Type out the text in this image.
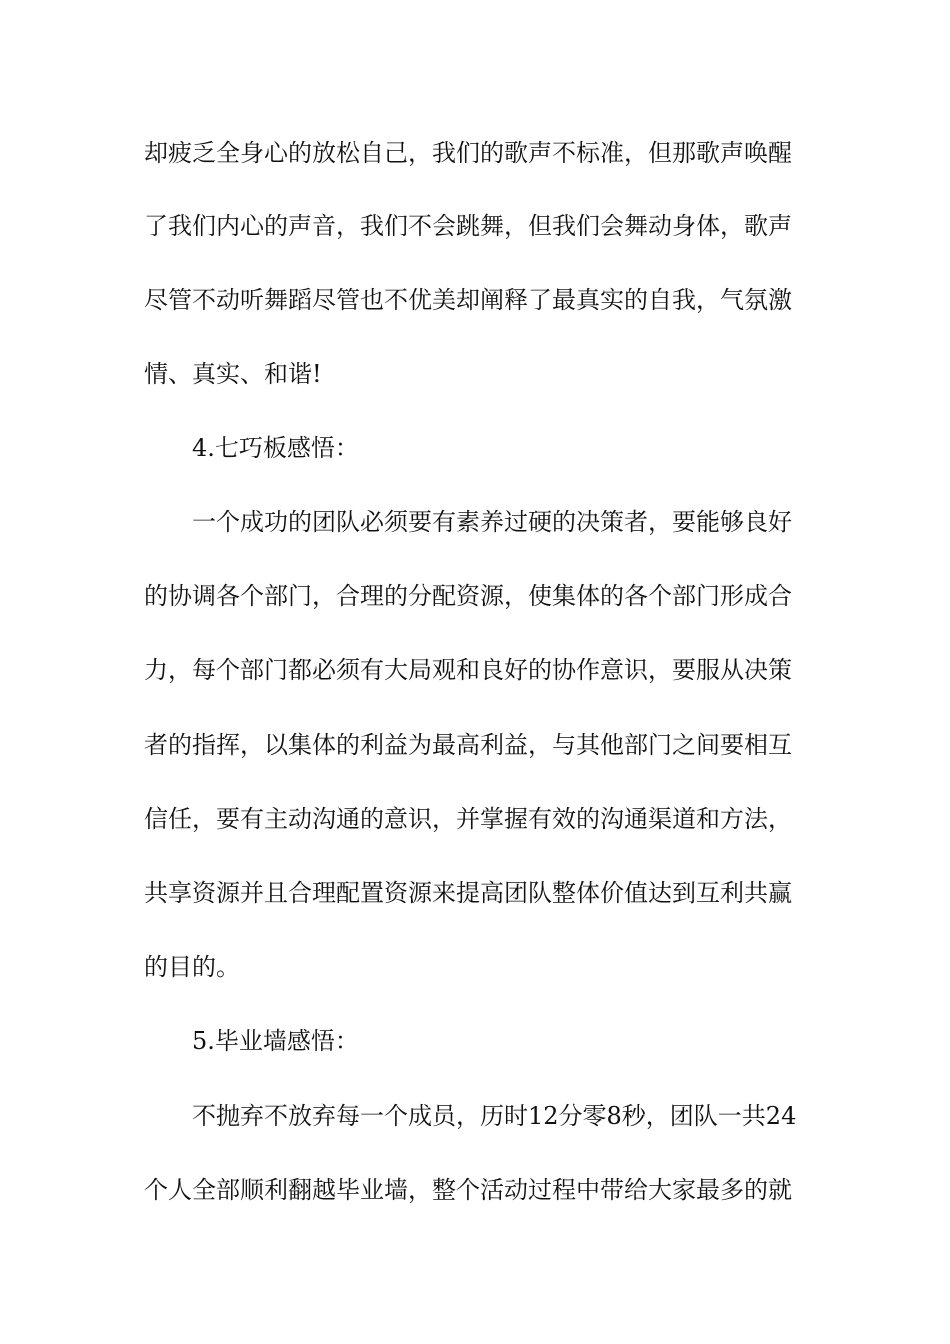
却疲乏全身心的放松自己，我们的歌声不标准，但那歌声唤醒

了我们内心的声音，我们不会跳舞，但我们会舞动身体，歌声

尽管不动听舞蹈尽管也不优美却阐释了最真实的自我，气氛激

情、真实、和谐!

4.七巧板感悟：

一个成功的团队必须要有素养过硬的决策者，要能够良好

的协调各个部门，合理的分配资源，使集体的各个部门形成合

力，每个部门都必须有大局观和良好的协作意识，要服从决策

者的指挥，以集体的利益为最高利益，与其他部门之间要相互

信任，要有主动沟通的意识，并掌握有效的沟通渠道和方法，

共享资源并且合理配置资源来提高团队整体价值达到互利共赢

的目的。

5.毕业墙感悟：

不抛弃不放弃每一个成员，历时12分零8秒，团队一共24

个人全部顺利翻越毕业墙，整个活动过程中带给大家最多的就
